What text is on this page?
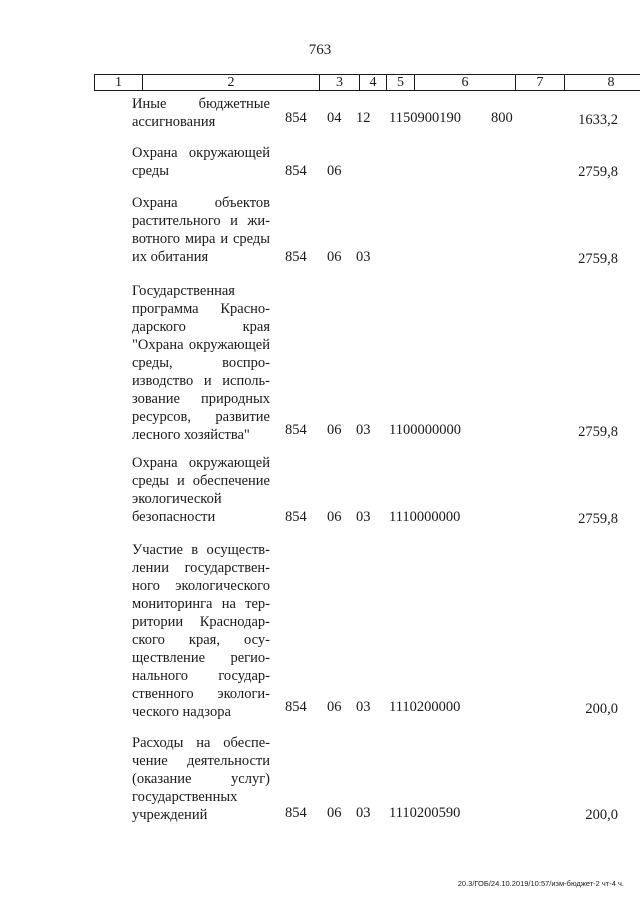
763
1	2	3	4	5	6	7	8
Иные бюджетные ассигнования	854 04 12 1150900190 800	1633,2
Охрана окружающей среды	854 06	2759,8
Охрана объектов растительного и животного мира и среды их обитания	854 06 03	2759,8
Государственная программа Краснодарского края "Охрана окружающей среды, воспроизводство и использование природных ресурсов, развитие лесного хозяйства"	854 06 03 1100000000	2759,8
Охрана окружающей среды и обеспечение экологической безопасности	854 06 03 1110000000	2759,8
Участие в осуществлении государственного экологического мониторинга на территории Краснодарского края, осуществление регионального государственного экологического надзора	854 06 03 1110200000	200,0
Расходы на обеспечение деятельности (оказание услуг) государственных учреждений	854 06 03 1110200590	200,0
20.3/ГОБ/24.10.2019/10:57/изм-бюджет-2 чт-4 ч.
